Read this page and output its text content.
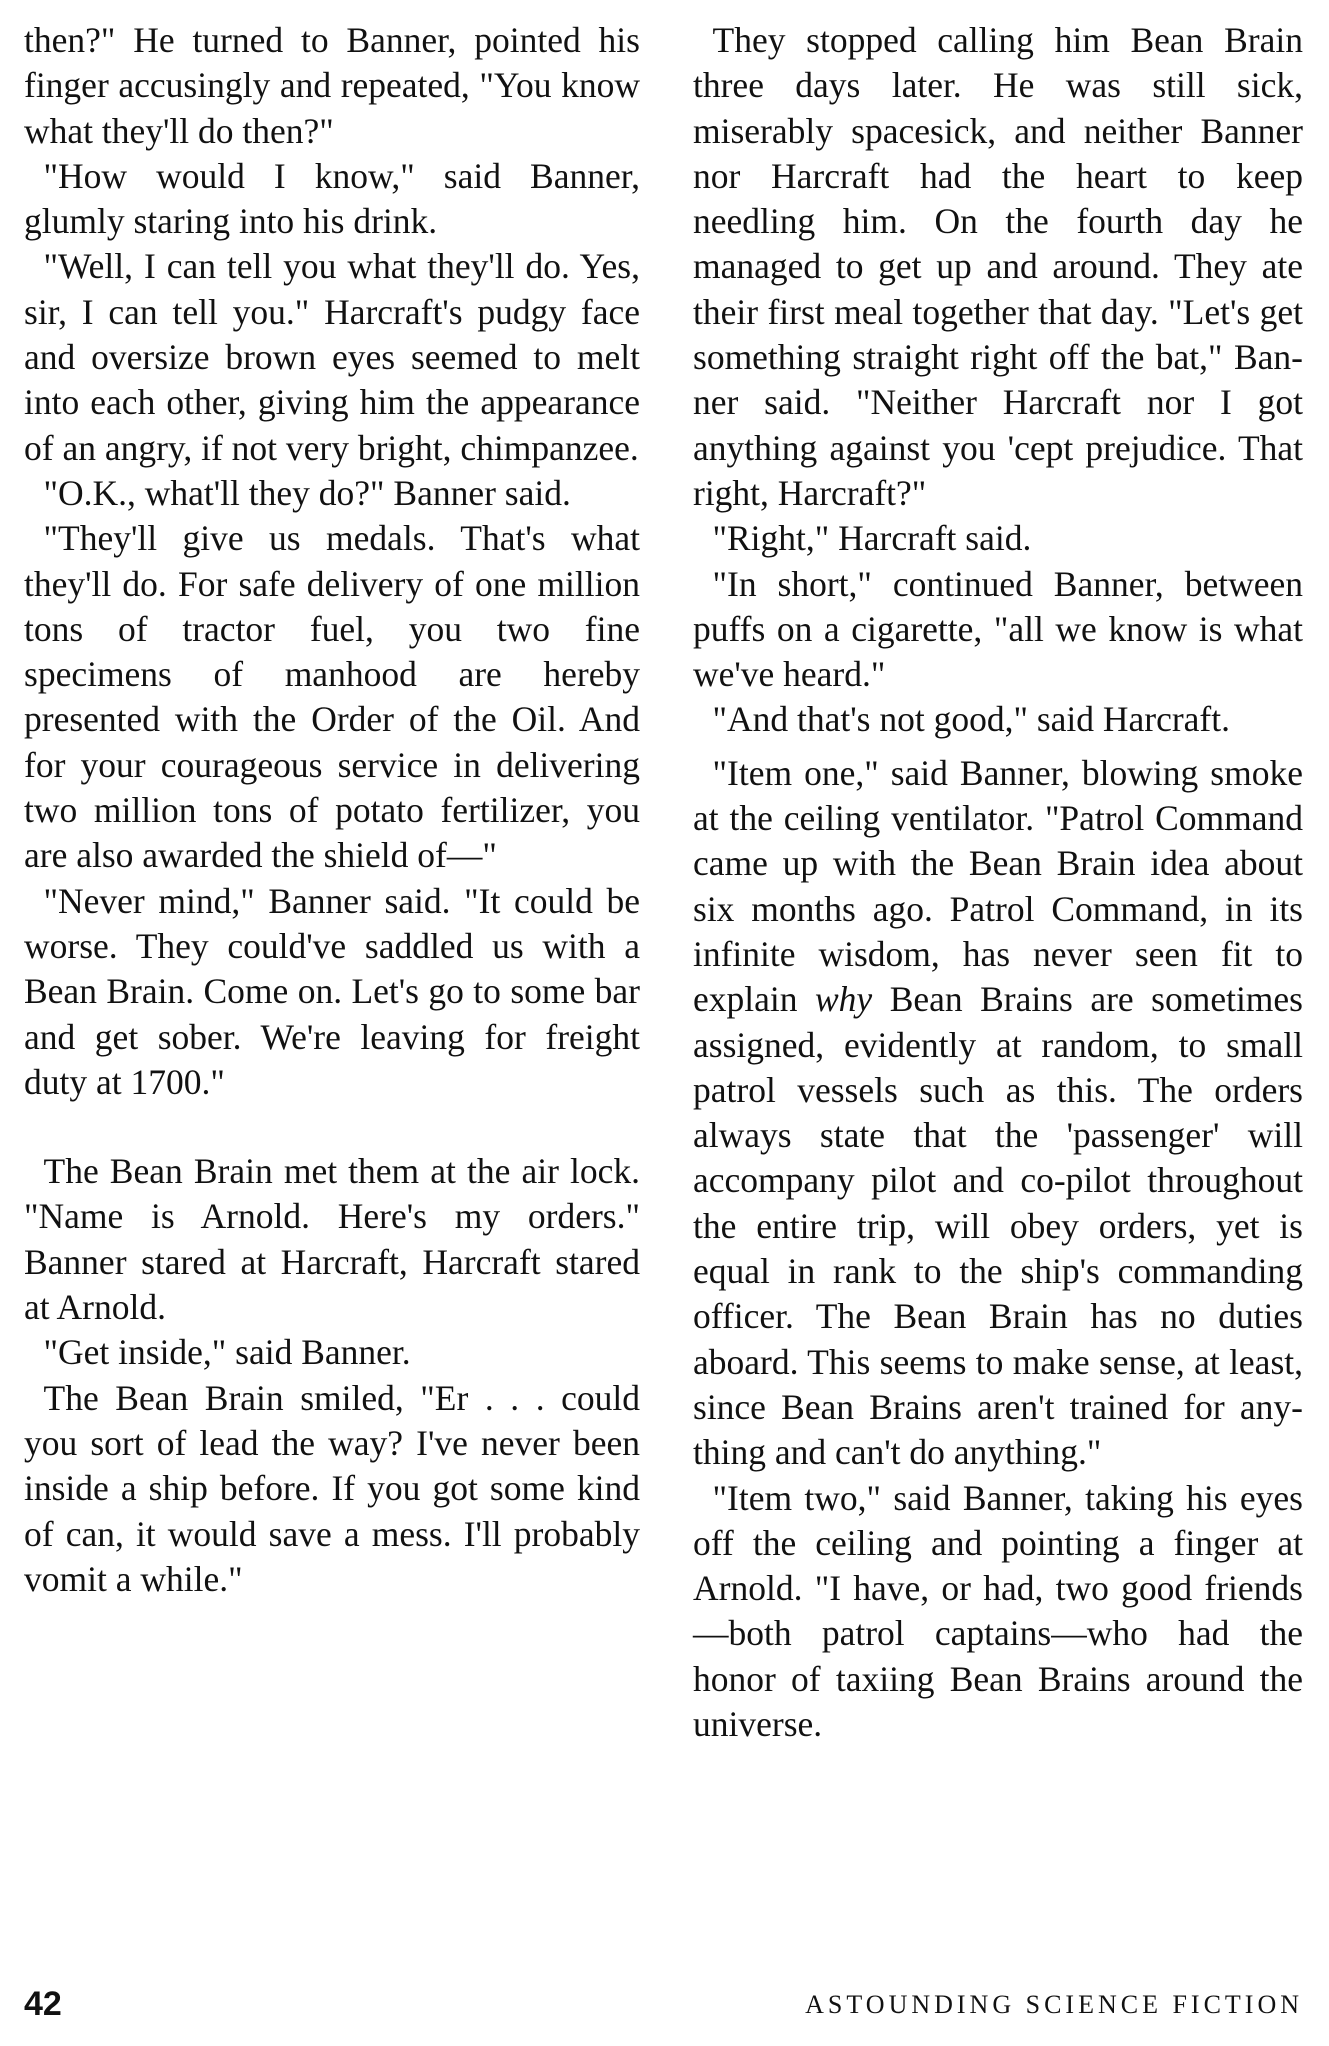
then?" He turned to Banner, pointed his finger accusingly and repeated, "You know what they'll do then?"

"How would I know," said Banner, glumly staring into his drink.

"Well, I can tell you what they'll do. Yes, sir, I can tell you." Harcraft's pudgy face and oversize brown eyes seemed to melt into each other, giving him the appearance of an angry, if not very bright, chimpanzee.

"O.K., what'll they do?" Banner said.

"They'll give us medals. That's what they'll do. For safe delivery of one million tons of tractor fuel, you two fine specimens of manhood are hereby presented with the Order of the Oil. And for your courageous service in delivering two million tons of potato fertilizer, you are also awarded the shield of—"

"Never mind," Banner said. "It could be worse. They could've saddled us with a Bean Brain. Come on. Let's go to some bar and get sober. We're leaving for freight duty at 1700."

The Bean Brain met them at the air lock. "Name is Arnold. Here's my orders." Banner stared at Harcraft, Harcraft stared at Arnold.

"Get inside," said Banner.

The Bean Brain smiled, "Er . . . could you sort of lead the way? I've never been inside a ship before. If you got some kind of can, it would save a mess. I'll probably vomit a while."

They stopped calling him Bean Brain three days later. He was still sick, miserably spacesick, and neither Banner nor Harcraft had the heart to keep needling him. On the fourth day he managed to get up and around. They ate their first meal together that day. "Let's get something straight right off the bat," Banner said. "Neither Harcraft nor I got anything against you 'cept prejudice. That right, Harcraft?"

"Right," Harcraft said.

"In short," continued Banner, between puffs on a cigarette, "all we know is what we've heard."

"And that's not good," said Harcraft.

"Item one," said Banner, blowing smoke at the ceiling ventilator. "Patrol Command came up with the Bean Brain idea about six months ago. Patrol Command, in its infinite wisdom, has never seen fit to explain why Bean Brains are sometimes assigned, evidently at random, to small patrol vessels such as this. The orders always state that the 'passenger' will accompany pilot and co-pilot throughout the entire trip, will obey orders, yet is equal in rank to the ship's commanding officer. The Bean Brain has no duties aboard. This seems to make sense, at least, since Bean Brains aren't trained for anything and can't do anything."

"Item two," said Banner, taking his eyes off the ceiling and pointing a finger at Arnold. "I have, or had, two good friends—both patrol captains—who had the honor of taxiing Bean Brains around the universe.

42	ASTOUNDING SCIENCE FICTION
